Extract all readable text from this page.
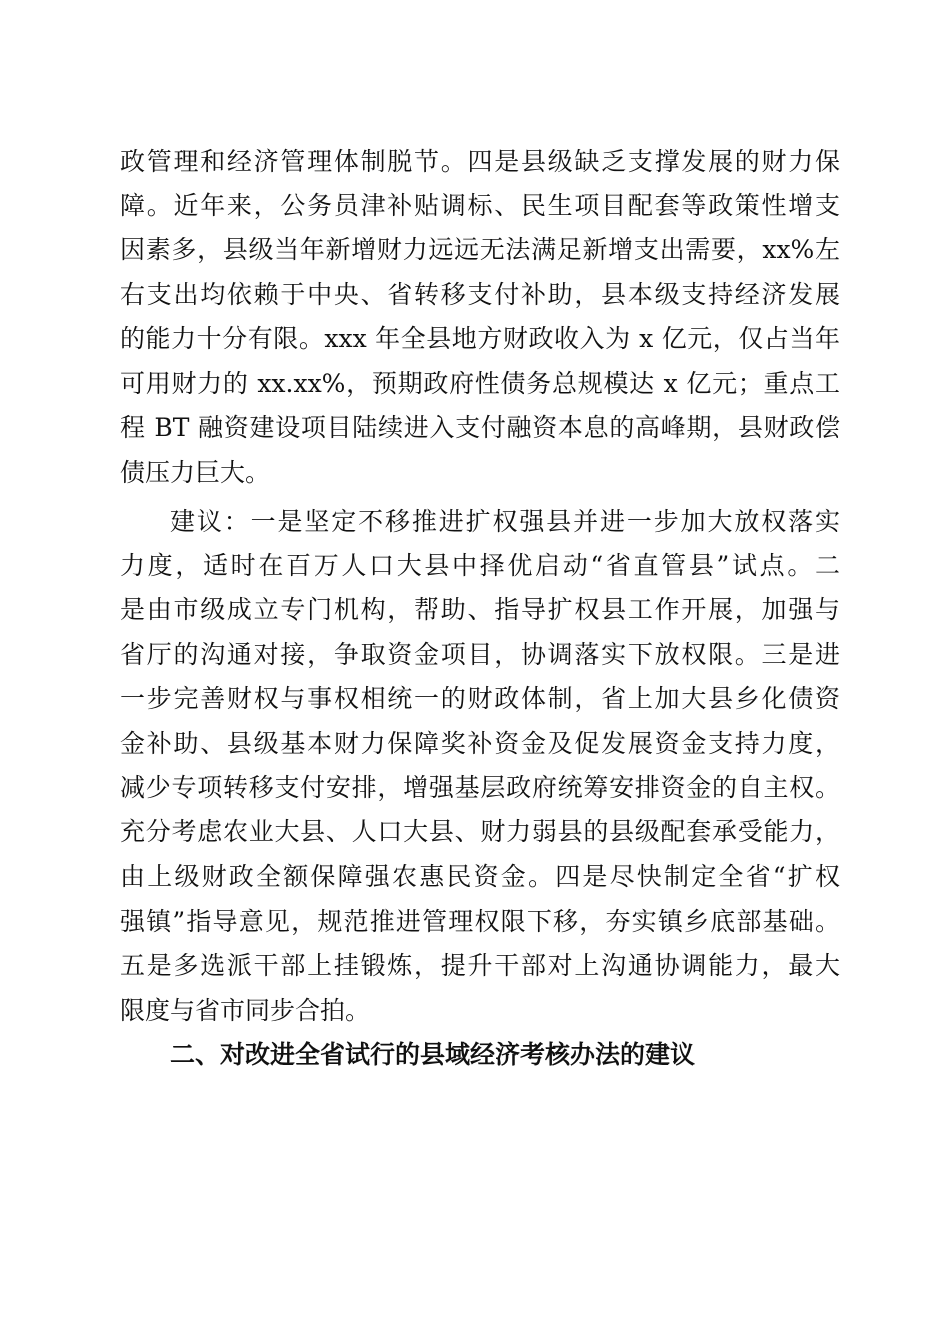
政管理和经济管理体制脱节。四是县级缺乏支撑发展的财力保
障。近年来，公务员津补贴调标、民生项目配套等政策性增支
因素多，县级当年新增财力远远无法满足新增支出需要，xx%左
右支出均依赖于中央、省转移支付补助，县本级支持经济发展
的能力十分有限。xxx 年全县地方财政收入为 x 亿元，仅占当年
可用财力的 xx.xx%，预期政府性债务总规模达 x 亿元；重点工
程 BT 融资建设项目陆续进入支付融资本息的高峰期，县财政偿
债压力巨大。
建议：一是坚定不移推进扩权强县并进一步加大放权落实
力度，适时在百万人口大县中择优启动“省直管县”试点。二
是由市级成立专门机构，帮助、指导扩权县工作开展，加强与
省厅的沟通对接，争取资金项目，协调落实下放权限。三是进
一步完善财权与事权相统一的财政体制，省上加大县乡化债资
金补助、县级基本财力保障奖补资金及促发展资金支持力度，
减少专项转移支付安排，增强基层政府统筹安排资金的自主权。
充分考虑农业大县、人口大县、财力弱县的县级配套承受能力，
由上级财政全额保障强农惠民资金。四是尽快制定全省“扩权
强镇”指导意见，规范推进管理权限下移，夯实镇乡底部基础。
五是多选派干部上挂锻炼，提升干部对上沟通协调能力，最大
限度与省市同步合拍。
二、对改进全省试行的县域经济考核办法的建议
